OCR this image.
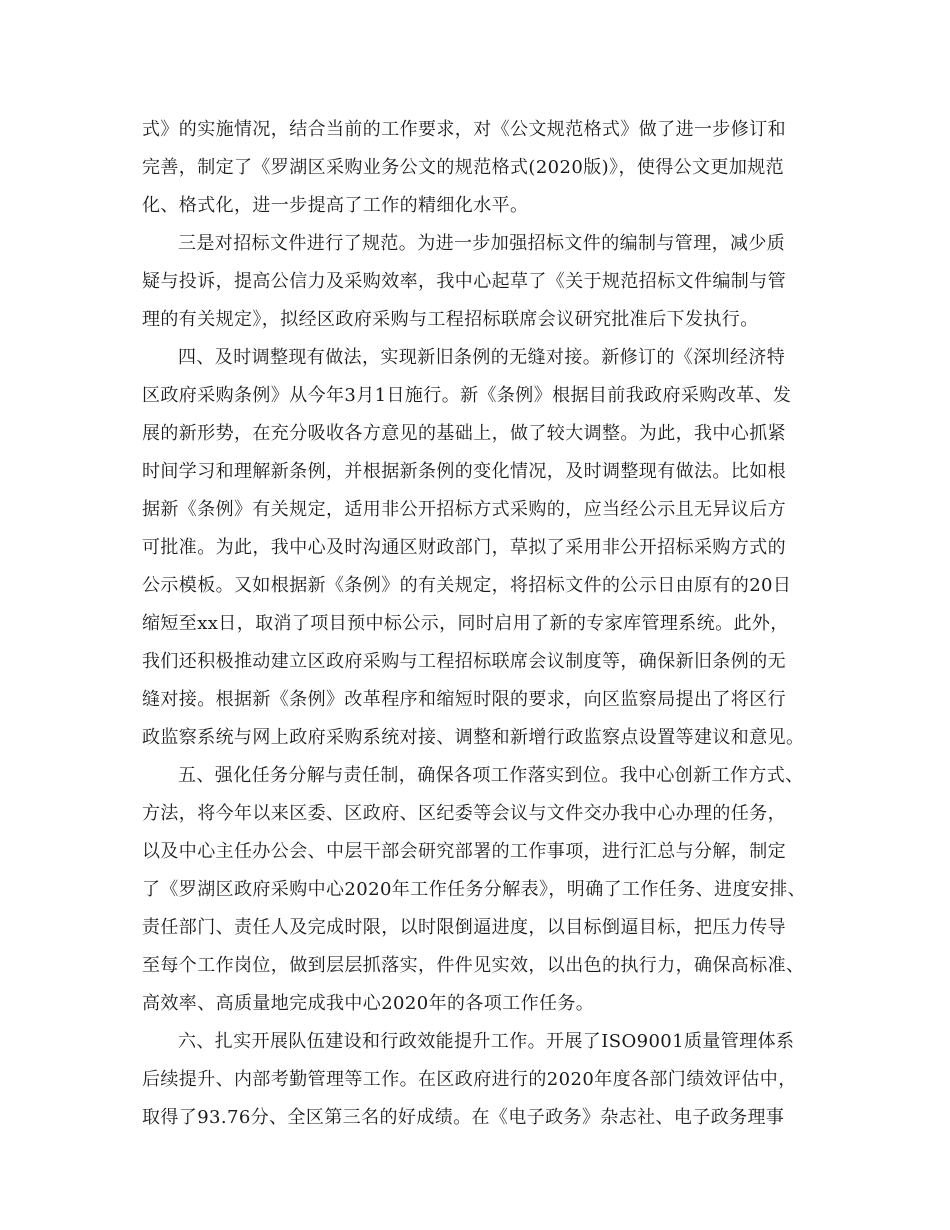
式》的实施情况，结合当前的工作要求，对《公文规范格式》做了进一步修订和
完善，制定了《罗湖区采购业务公文的规范格式(2020版)》，使得公文更加规范
化、格式化，进一步提高了工作的精细化水平。
三是对招标文件进行了规范。为进一步加强招标文件的编制与管理，减少质
疑与投诉，提高公信力及采购效率，我中心起草了《关于规范招标文件编制与管
理的有关规定》，拟经区政府采购与工程招标联席会议研究批准后下发执行。
四、及时调整现有做法，实现新旧条例的无缝对接。新修订的《深圳经济特
区政府采购条例》从今年3月1日施行。新《条例》根据目前我政府采购改革、发
展的新形势，在充分吸收各方意见的基础上，做了较大调整。为此，我中心抓紧
时间学习和理解新条例，并根据新条例的变化情况，及时调整现有做法。比如根
据新《条例》有关规定，适用非公开招标方式采购的，应当经公示且无异议后方
可批准。为此，我中心及时沟通区财政部门，草拟了采用非公开招标采购方式的
公示模板。又如根据新《条例》的有关规定，将招标文件的公示日由原有的20日
缩短至xx日，取消了项目预中标公示，同时启用了新的专家库管理系统。此外，
我们还积极推动建立区政府采购与工程招标联席会议制度等，确保新旧条例的无
缝对接。根据新《条例》改革程序和缩短时限的要求，向区监察局提出了将区行
政监察系统与网上政府采购系统对接、调整和新增行政监察点设置等建议和意见。
五、强化任务分解与责任制，确保各项工作落实到位。我中心创新工作方式、
方法，将今年以来区委、区政府、区纪委等会议与文件交办我中心办理的任务，
以及中心主任办公会、中层干部会研究部署的工作事项，进行汇总与分解，制定
了《罗湖区政府采购中心2020年工作任务分解表》，明确了工作任务、进度安排、
责任部门、责任人及完成时限，以时限倒逼进度，以目标倒逼目标，把压力传导
至每个工作岗位，做到层层抓落实，件件见实效，以出色的执行力，确保高标准、
高效率、高质量地完成我中心2020年的各项工作任务。
六、扎实开展队伍建设和行政效能提升工作。开展了ISO9001质量管理体系
后续提升、内部考勤管理等工作。在区政府进行的2020年度各部门绩效评估中，
取得了93.76分、全区第三名的好成绩。在《电子政务》杂志社、电子政务理事
